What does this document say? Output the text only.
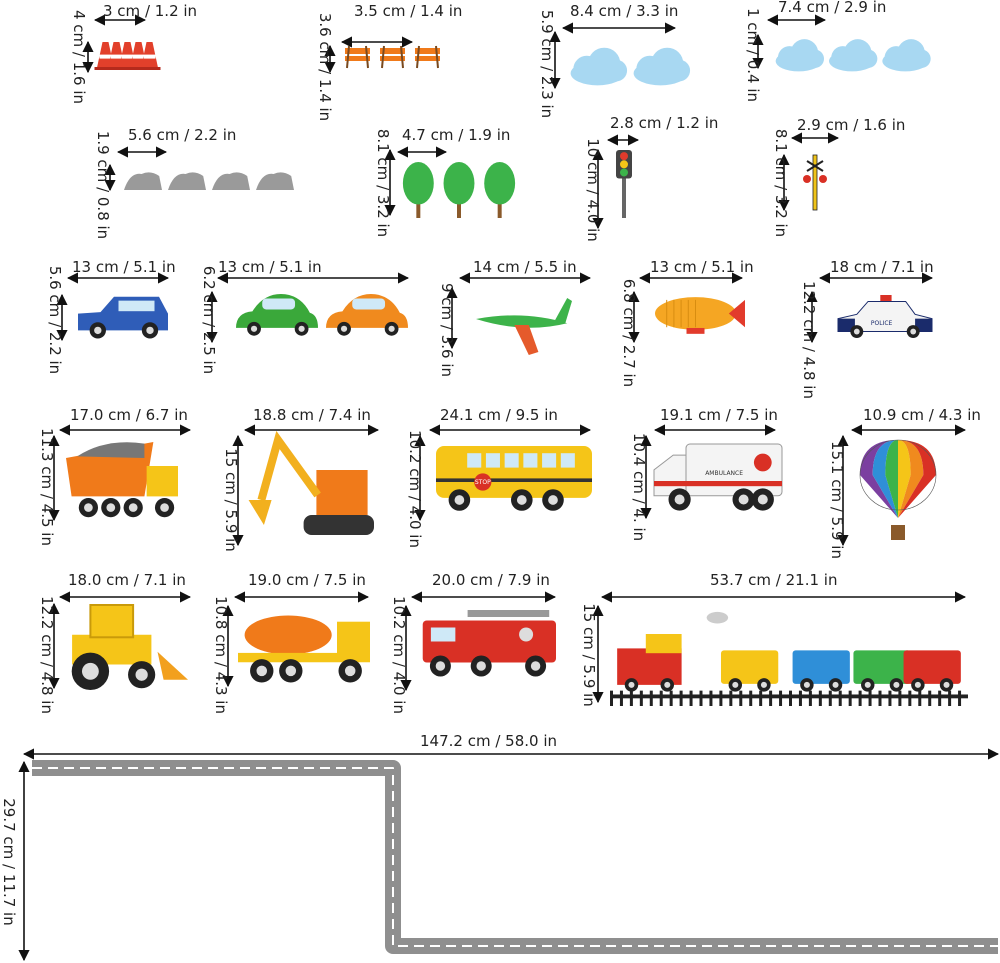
3 cm / 1.2 in
4 cm / 1.6 in	3.5 cm / 1.4 in
3.6 cm / 1.4 in
8.4 cm / 3.3 in
5.9 cm / 2.3 in
7.4 cm / 2.9 in
1 cm / 0.4 in
5.6 cm / 2.2 in
1.9 cm / 0.8 in	4.7 cm / 1.9 in
8.1 cm / 3.2 in
2.8 cm / 1.2 in
10 cm / 4.0 in
2.9 cm / 1.6 in
8.1 cm / 3.2 in
13 cm / 5.1 in
5.6 cm / 2.2 in	13 cm / 5.1 in
6.2 cm / 2.5 in	14 cm / 5.5 in
9 cm / 3.6 in
13 cm / 5.1 in
6.8 cm / 2.7 in
18 cm / 7.1 in
12.2 cm / 4.8 in
17.0 cm / 6.7 in
11.3 cm / 4.5 in
18.8 cm / 7.4 in
15 cm / 5.9 in
24.1 cm / 9.5 in
10.2 cm / 4.0 in
19.1 cm / 7.5 in
10.4 cm / 4. in
10.9 cm / 4.3 in
15.1 cm / 5.9 in
18.0 cm / 7.1 in
12.2 cm / 4.8 in
19.0 cm / 7.5 in
10.8 cm / 4.3 in
20.0 cm / 7.9 in
10.2 cm / 4.0 in
53.7 cm / 21.1 in
15 cm / 5.9 in
147.2 cm / 58.0 in
29.7 cm / 11.7 in
POLICE
STOP
AMBULANCE
